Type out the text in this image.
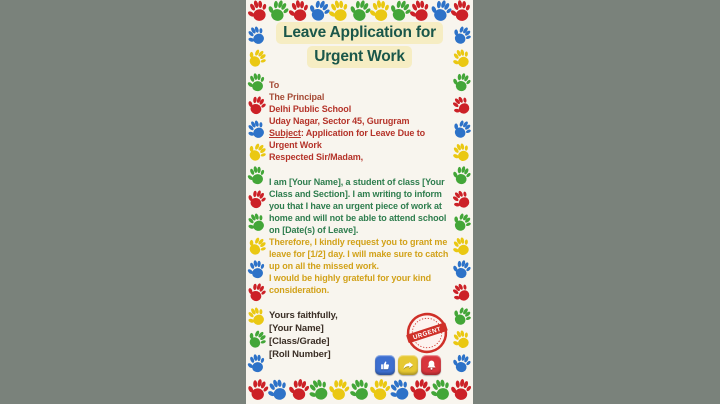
Leave Application for
Urgent Work
To
The Principal
Delhi Public School
Uday Nagar, Sector 45, Gurugram
Subject: Application for Leave Due to Urgent Work
Respected Sir/Madam,
I am [Your Name], a student of class [Your Class and Section]. I am writing to inform you that I have an urgent piece of work at home and will not be able to attend school on [Date(s) of Leave].
Therefore, I kindly request you to grant me leave for [1/2] day. I will make sure to catch up on all the missed work.
I would be highly grateful for your kind consideration.
Yours faithfully,
[Your Name]
[Class/Grade]
[Roll Number]
URGENT
